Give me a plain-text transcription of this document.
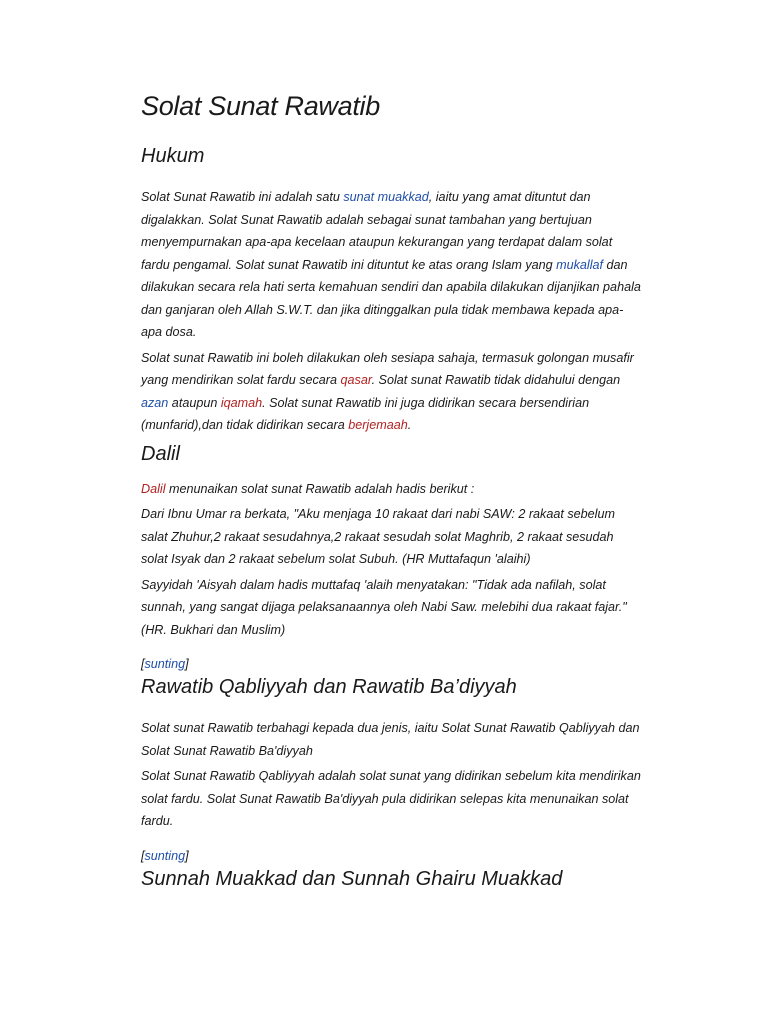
Solat Sunat Rawatib
Hukum

Solat Sunat Rawatib ini adalah satu sunat muakkad, iaitu yang amat dituntut dan digalakkan. Solat Sunat Rawatib adalah sebagai sunat tambahan yang bertujuan menyempurnakan apa-apa kecelaan ataupun kekurangan yang terdapat dalam solat fardu pengamal. Solat sunat Rawatib ini dituntut ke atas orang Islam yang mukallaf dan dilakukan secara rela hati serta kemahuan sendiri dan apabila dilakukan dijanjikan pahala dan ganjaran oleh Allah S.W.T. dan jika ditinggalkan pula tidak membawa kepada apa-apa dosa.

Solat sunat Rawatib ini boleh dilakukan oleh sesiapa sahaja, termasuk golongan musafir yang mendirikan solat fardu secara qasar. Solat sunat Rawatib tidak didahului dengan azan ataupun iqamah. Solat sunat Rawatib ini juga didirikan secara bersendirian (munfarid),dan tidak didirikan secara berjemaah.

Dalil

Dalil menunaikan solat sunat Rawatib adalah hadis berikut :

Dari Ibnu Umar ra berkata, "Aku menjaga 10 rakaat dari nabi SAW: 2 rakaat sebelum salat Zhuhur,2 rakaat sesudahnya,2 rakaat sesudah solat Maghrib, 2 rakaat sesudah solat Isyak dan 2 rakaat sebelum solat Subuh. (HR Muttafaqun 'alaihi)

Sayyidah 'Aisyah dalam hadis muttafaq 'alaih menyatakan: "Tidak ada nafilah, solat sunnah, yang sangat dijaga pelaksanaannya oleh Nabi Saw. melebihi dua rakaat fajar." (HR. Bukhari dan Muslim)

[sunting]
Rawatib Qabliyyah dan Rawatib Ba’diyyah

Solat sunat Rawatib terbahagi kepada dua jenis, iaitu Solat Sunat Rawatib Qabliyyah dan Solat Sunat Rawatib Ba'diyyah

Solat Sunat Rawatib Qabliyyah adalah solat sunat yang didirikan sebelum kita mendirikan solat fardu. Solat Sunat Rawatib Ba'diyyah pula didirikan selepas kita menunaikan solat fardu.

[sunting]
Sunnah Muakkad dan Sunnah Ghairu Muakkad
